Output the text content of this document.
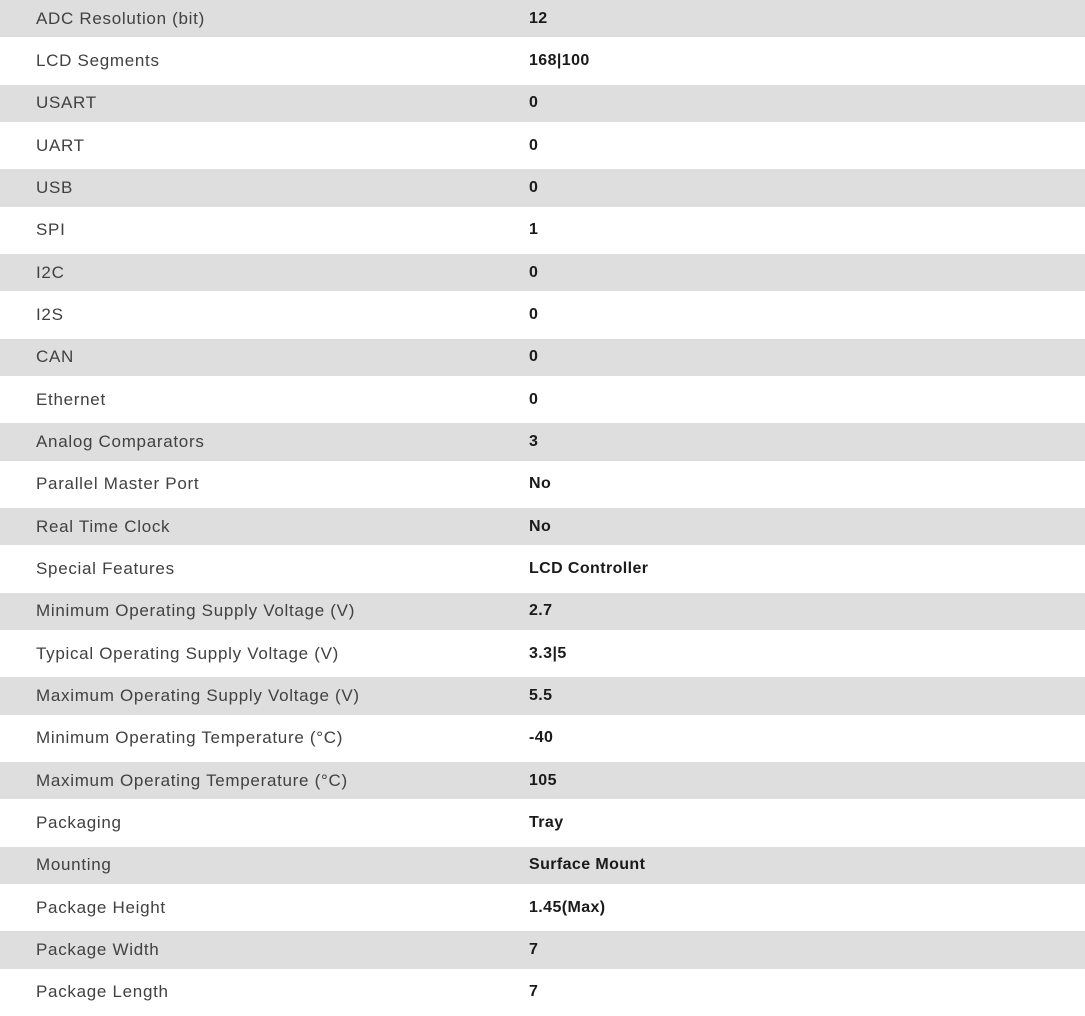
ADC Resolution (bit)	12
LCD Segments	168|100
USART	0
UART	0
USB	0
SPI	1
I2C	0
I2S	0
CAN	0
Ethernet	0
Analog Comparators	3
Parallel Master Port	No
Real Time Clock	No
Special Features	LCD Controller
Minimum Operating Supply Voltage (V)	2.7
Typical Operating Supply Voltage (V)	3.3|5
Maximum Operating Supply Voltage (V)	5.5
Minimum Operating Temperature (°C)	-40
Maximum Operating Temperature (°C)	105
Packaging	Tray
Mounting	Surface Mount
Package Height	1.45(Max)
Package Width	7
Package Length	7
